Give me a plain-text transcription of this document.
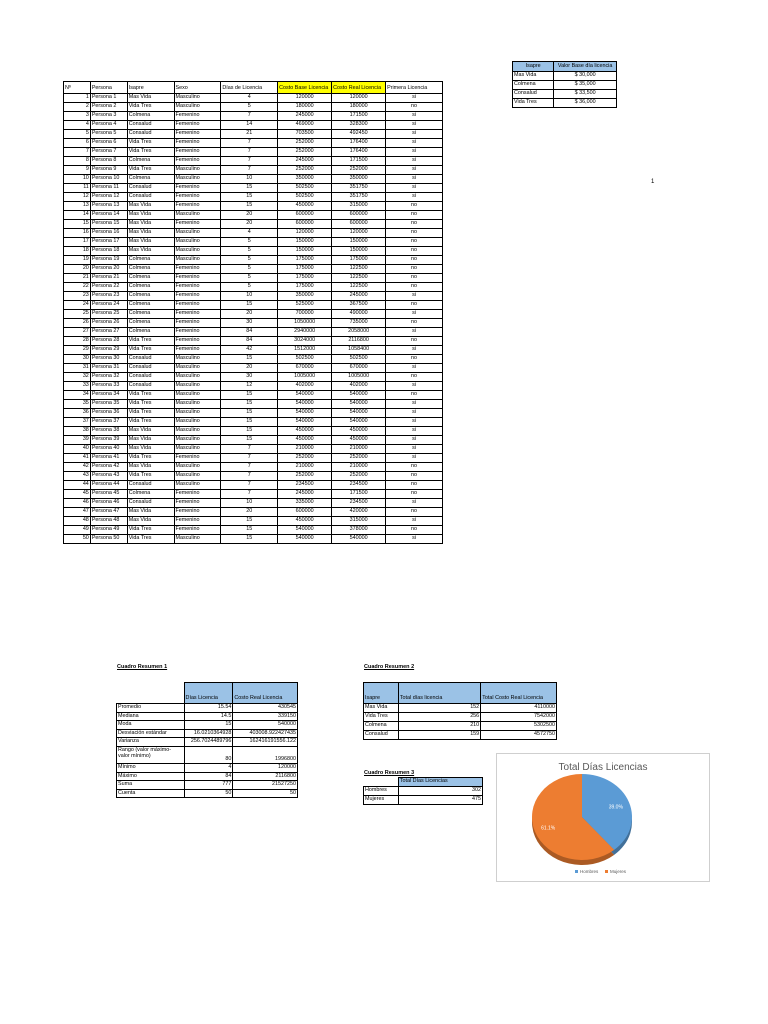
Nº	Persona	Isapre	Sexo	Días de Licencia	Costo Base Licencia	Costo Real Licencia	Primera Licencia
1	Persona 1	Mas Vida	Masculino	4	120000	120000	si
2	Persona 2	Vida Tres	Masculino	5	180000	180000	no
3	Persona 3	Colmena	Femenino	7	245000	171500	si
4	Persona 4	Consalud	Femenino	14	469000	328300	si
5	Persona 5	Consalud	Femenino	21	703500	492450	si
6	Persona 6	Vida Tres	Femenino	7	252000	176400	si
7	Persona 7	Vida Tres	Femenino	7	252000	176400	si
8	Persona 8	Colmena	Femenino	7	245000	171500	si
9	Persona 9	Vida Tres	Masculino	7	252000	252000	si
10	Persona 10	Colmena	Masculino	10	350000	350000	si
11	Persona 11	Consalud	Femenino	15	502500	351750	si
12	Persona 12	Consalud	Femenino	15	502500	351750	si
13	Persona 13	Mas Vida	Femenino	15	450000	315000	no
14	Persona 14	Mas Vida	Masculino	20	600000	600000	no
15	Persona 15	Mas Vida	Femenino	20	600000	600000	no
16	Persona 16	Mas Vida	Masculino	4	120000	120000	no
17	Persona 17	Mas Vida	Masculino	5	150000	150000	no
18	Persona 18	Mas Vida	Masculino	5	150000	150000	no
19	Persona 19	Colmena	Masculino	5	175000	175000	no
20	Persona 20	Colmena	Femenino	5	175000	122500	no
21	Persona 21	Colmena	Femenino	5	175000	122500	no
22	Persona 22	Colmena	Femenino	5	175000	122500	no
23	Persona 23	Colmena	Femenino	10	350000	245000	si
24	Persona 24	Colmena	Femenino	15	525000	367500	no
25	Persona 25	Colmena	Femenino	20	700000	490000	si
26	Persona 26	Colmena	Femenino	30	1050000	735000	no
27	Persona 27	Colmena	Femenino	84	2940000	2058000	si
28	Persona 28	Vida Tres	Femenino	84	3024000	2116800	no
29	Persona 29	Vida Tres	Femenino	42	1512000	1058400	si
30	Persona 30	Consalud	Masculino	15	502500	502500	no
31	Persona 31	Consalud	Masculino	20	670000	670000	si
32	Persona 32	Consalud	Masculino	30	1005000	1005000	no
33	Persona 33	Consalud	Masculino	12	402000	402000	si
34	Persona 34	Vida Tres	Masculino	15	540000	540000	no
35	Persona 35	Vida Tres	Masculino	15	540000	540000	si
36	Persona 36	Vida Tres	Masculino	15	540000	540000	si
37	Persona 37	Vida Tres	Masculino	15	540000	540000	si
38	Persona 38	Mas Vida	Masculino	15	450000	450000	si
39	Persona 39	Mas Vida	Masculino	15	450000	450000	si
40	Persona 40	Mas Vida	Masculino	7	210000	210000	si
41	Persona 41	Vida Tres	Femenino	7	252000	252000	si
42	Persona 42	Mas Vida	Masculino	7	210000	210000	no
43	Persona 43	Vida Tres	Masculino	7	252000	252000	no
44	Persona 44	Consalud	Masculino	7	234500	234500	no
45	Persona 45	Colmena	Femenino	7	245000	171500	no
46	Persona 46	Consalud	Femenino	10	335000	234500	si
47	Persona 47	Mas Vida	Femenino	20	600000	420000	no
48	Persona 48	Mas Vida	Femenino	15	450000	315000	si
49	Persona 49	Vida Tres	Femenino	15	540000	378000	no
50	Persona 50	Vida Tres	Masculino	15	540000	540000	si
Isapre	Valor Base día licencia
Mas Vida	$ 30,000
Colmena	$ 35,000
Consalud	$ 33,500
Vida Tres	$ 36,000
1
Cuadro Resumen 1
	Días Licencia	Costo Real Licencia
Promedio	15.54	430545
Mediana	14.5	339150
Moda	15	540000
Desviación estándar	16.0210364928	403008.922427435
Varianza	256.7024489796	162416191556.122
Rango (valor máximo-valor mínimo)	80	1996800
Mínimo	4	120000
Máximo	84	2116800
Suma	777	21527250
Cuenta	50	50
Cuadro Resumen 2
Isapre	Total días licencia	Total Costo Real Licencia
Mas Vida	152	4110000
Vida Tres	256	7542000
Colmena	210	5302500
Consalud	159	4572750
Cuadro Resumen 3
	Total Días Licencias
Hombres	302
Mujeres	475
Total Días Licencias
39.0%
61.1%
Hombres	Mujeres
